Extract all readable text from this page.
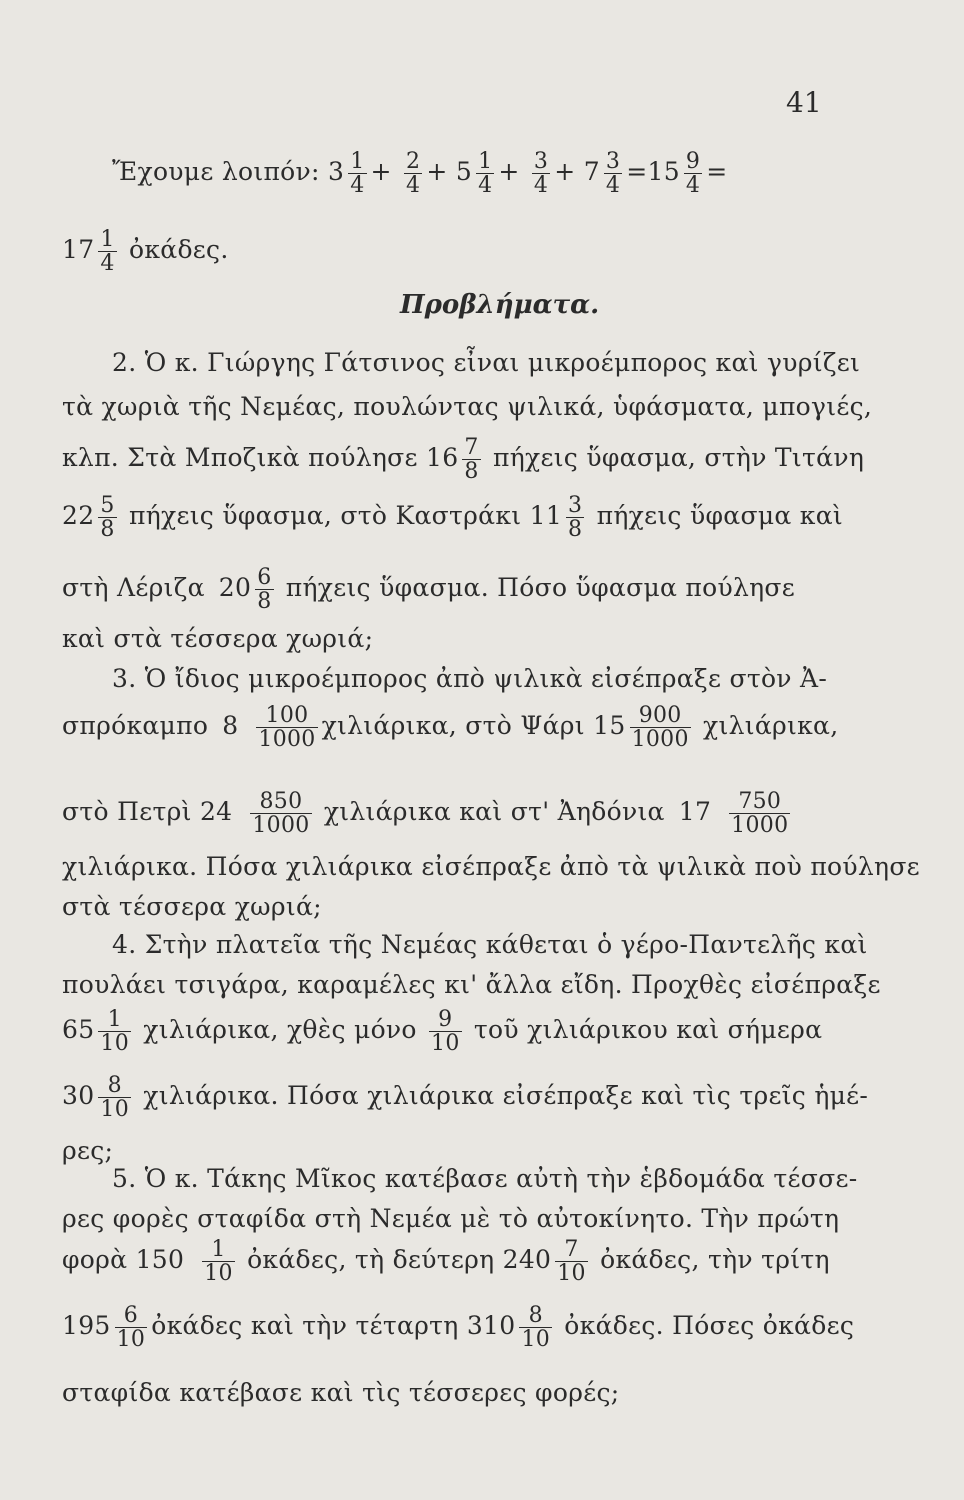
41
Ἔχουμε λοιπόν: $3 \frac{1}{4} + \frac{2}{4} + 5 \frac{1}{4} + \frac{3}{4} + 7 \frac{3}{4} =15 \frac{9}{4}$ =
$17 \frac{1}{4}$ ὀκάδες.
Προβλήματα.
2. Ὁ κ. Γιώργης Γάτσινος εἶναι μικροέμπορος καὶ γυρίζει
τὰ χωριὰ τῆς Νεμέας, πουλώντας ψιλικά, ὑφάσματα, μπογιές,
κλπ. Στὰ Μποζικὰ πούλησε $16 \frac{7}{8}$ πήχεις ὕφασμα, στὴν Τιτάνη
$22 \frac{5}{8}$ πήχεις ὕφασμα, στὸ Καστράκι $11 \frac{3}{8}$ πήχεις ὕφασμα καὶ
στὴ Λέριζα $20 \frac{6}{8}$ πήχεις ὕφασμα. Πόσο ὕφασμα πούλησε
καὶ στὰ τέσσερα χωριά;
3. Ὁ ἴδιος μικροέμπορος ἀπὸ ψιλικὰ εἰσέπραξε στὸν Ἀ-
σπρόκαμπο $8 \frac{100}{1000} \chi\iota\lambda\iota ά\rho\iota\kappa\alpha$, στὸ Ψάρι $15 \frac{900}{1000} \chi\iota\lambda\iota ά\rho\iota\kappa\alpha$,
στὸ Πετρὶ $24 \frac{850}{1000}$ χιλιάρικα καὶ στ' Ἀηδόνια $17 \frac{750}{1000}$
χιλιάρικα. Πόσα χιλιάρικα εἰσέπραξε ἀπὸ τὰ ψιλικὰ ποὺ πούλησε
στὰ τέσσερα χωριά;
4. Στὴν πλατεῖα τῆς Νεμέας κάθεται ὁ γέρο-Παντελῆς καὶ
πουλάει τσιγάρα, καραμέλες κι' ἄλλα εἴδη. Προχθὲς εἰσέπραξε
$65 \frac{1}{10} \chi\iota\lambda\iota ά\rho\iota\kappa\alpha$, χθὲς μόνο $\frac{9}{10}$ τοῦ χιλιάρικου καὶ σήμερα
$30 \frac{8}{10} \chi\iota\lambda\iota ά\rho\iota\kappa\alpha$. Πόσα χιλιάρικα εἰσέπραξε καὶ τὶς τρεῖς ἡμέ-
ρες;
5. Ὁ κ. Τάκης Μῖκος κατέβασε αὐτὴ τὴν ἑβδομάδα τέσσε-
ρες φορὲς σταφίδα στὴ Νεμέα μὲ τὸ αὐτοκίνητο. Τὴν πρώτη
φορὰ $150 \frac{1}{10}$ ὀκάδες, τὴ δεύτερη $240 \frac{7}{10}$ ὀκάδες, τὴν τρίτη
$195 \frac{6}{10}$ ὀκάδες καὶ τὴν τέταρτη $310 \frac{8}{10}$ ὀκάδες. Πόσες ὀκάδες
σταφίδα κατέβασε καὶ τὶς τέσσερες φορές;
